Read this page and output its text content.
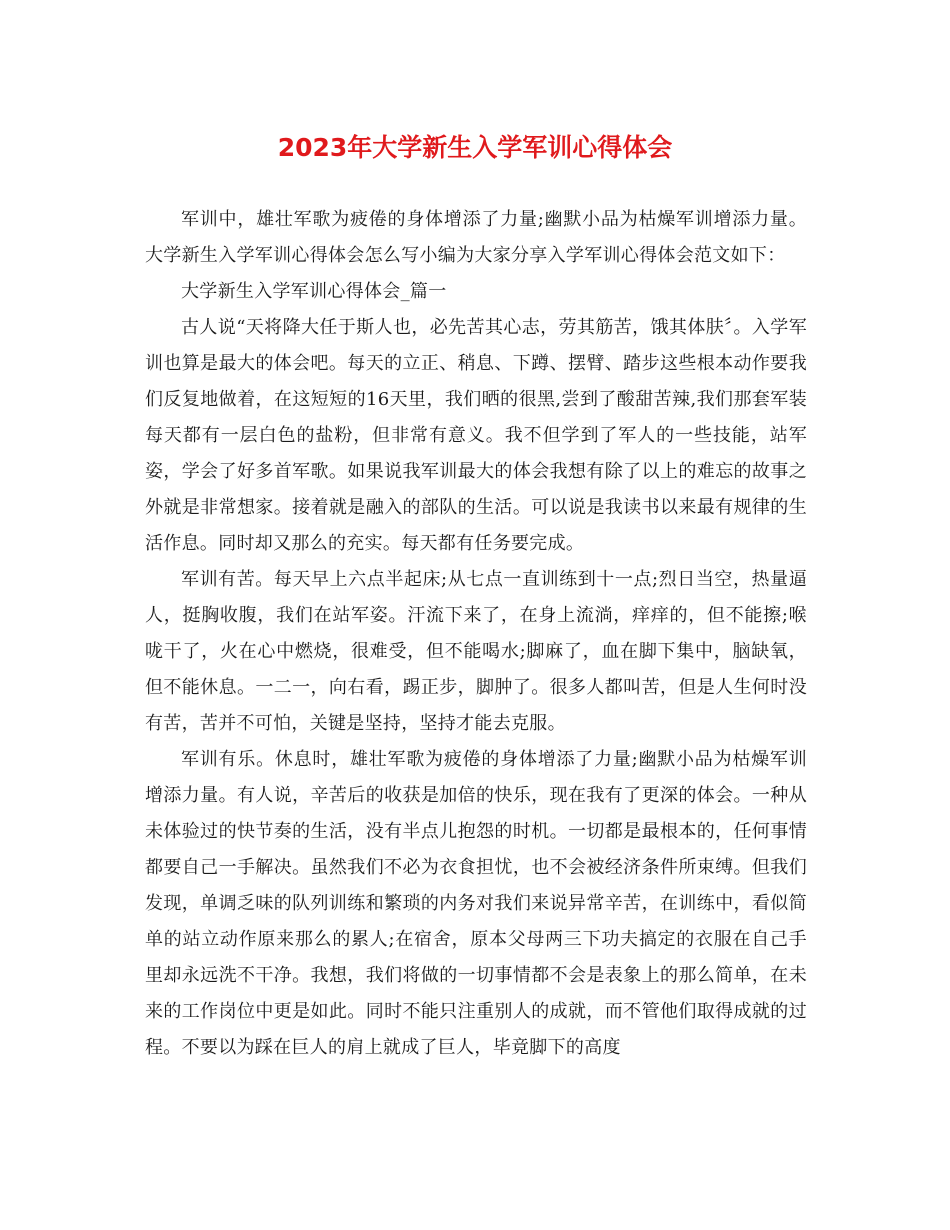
2023年大学新生入学军训心得体会

军训中，雄壮军歌为疲倦的身体增添了力量;幽默小品为枯燥军训增添力量。大学新生入学军训心得体会怎么写小编为大家分享入学军训心得体会范文如下：

大学新生入学军训心得体会_篇一

古人说“天将降大任于斯人也，必先苦其心志，劳其筋苦，饿其体肤〞。入学军训也算是最大的体会吧。每天的立正、稍息、下蹲、摆臂、踏步这些根本动作要我们反复地做着，在这短短的16天里，我们晒的很黑,尝到了酸甜苦辣,我们那套军装每天都有一层白色的盐粉，但非常有意义。我不但学到了军人的一些技能，站军姿，学会了好多首军歌。如果说我军训最大的体会我想有除了以上的难忘的故事之外就是非常想家。接着就是融入的部队的生活。可以说是我读书以来最有规律的生活作息。同时却又那么的充实。每天都有任务要完成。

军训有苦。每天早上六点半起床;从七点一直训练到十一点;烈日当空，热量逼人，挺胸收腹，我们在站军姿。汗流下来了，在身上流淌，痒痒的，但不能擦;喉咙干了，火在心中燃烧，很难受，但不能喝水;脚麻了，血在脚下集中，脑缺氧，但不能休息。一二一，向右看，踢正步，脚肿了。很多人都叫苦，但是人生何时没有苦，苦并不可怕，关键是坚持，坚持才能去克服。

军训有乐。休息时，雄壮军歌为疲倦的身体增添了力量;幽默小品为枯燥军训增添力量。有人说，辛苦后的收获是加倍的快乐，现在我有了更深的体会。一种从未体验过的快节奏的生活，没有半点儿抱怨的时机。一切都是最根本的，任何事情都要自己一手解决。虽然我们不必为衣食担忧，也不会被经济条件所束缚。但我们发现，单调乏味的队列训练和繁琐的内务对我们来说异常辛苦，在训练中，看似简单的站立动作原来那么的累人;在宿舍，原本父母两三下功夫搞定的衣服在自己手里却永远洗不干净。我想，我们将做的一切事情都不会是表象上的那么简单，在未来的工作岗位中更是如此。同时不能只注重别人的成就，而不管他们取得成就的过程。不要以为踩在巨人的肩上就成了巨人，毕竟脚下的高度
